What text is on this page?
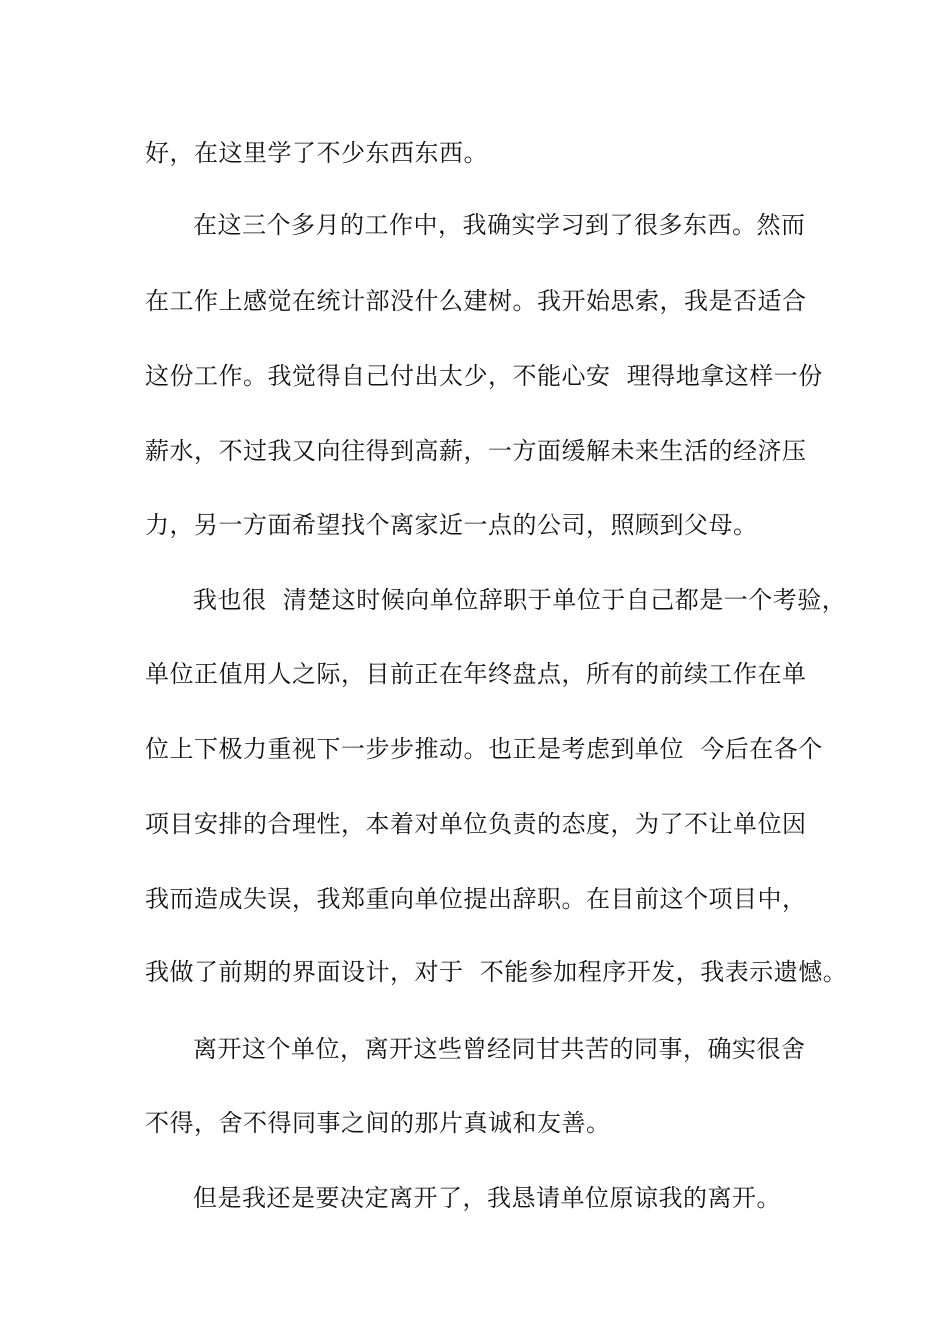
好，在这里学了不少东西东西。
在这三个多月的工作中，我确实学习到了很多东西。然而
在工作上感觉在统计部没什么建树。我开始思索，我是否适合
这份工作。我觉得自己付出太少，不能心安  理得地拿这样一份
薪水，不过我又向往得到高薪，一方面缓解未来生活的经济压
力，另一方面希望找个离家近一点的公司，照顾到父母。
我也很  清楚这时候向单位辞职于单位于自己都是一个考验，
单位正值用人之际，目前正在年终盘点，所有的前续工作在单
位上下极力重视下一步步推动。也正是考虑到单位  今后在各个
项目安排的合理性，本着对单位负责的态度，为了不让单位因
我而造成失误，我郑重向单位提出辞职。在目前这个项目中，
我做了前期的界面设计，对于  不能参加程序开发，我表示遗憾。
离开这个单位，离开这些曾经同甘共苦的同事，确实很舍
不得，舍不得同事之间的那片真诚和友善。
但是我还是要决定离开了，我恳请单位原谅我的离开。
